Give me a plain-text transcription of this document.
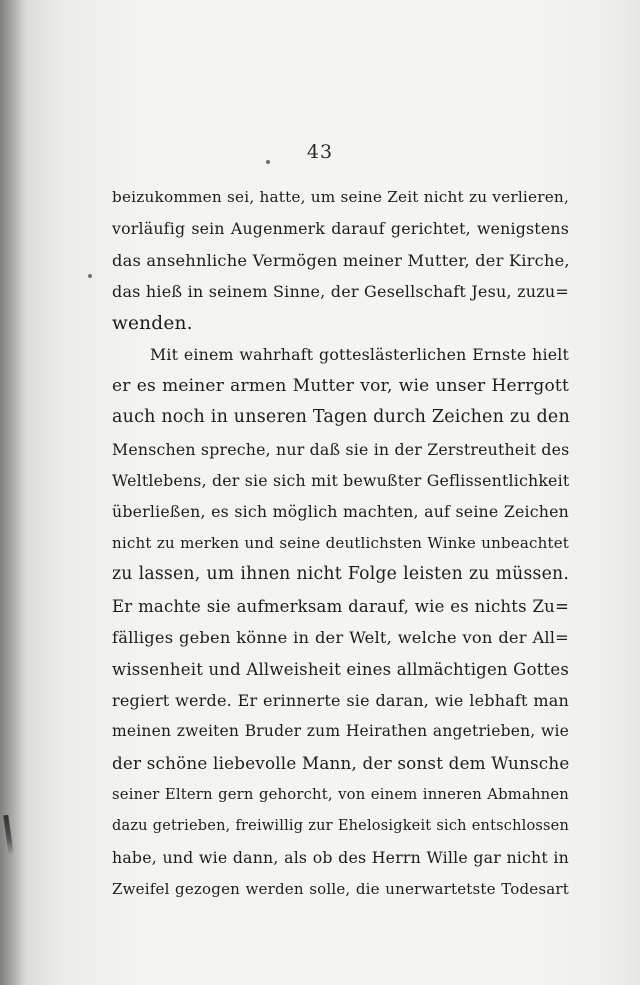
43
beizukommen sei, hatte, um seine Zeit nicht zu verlieren,
vorläufig sein Augenmerk darauf gerichtet, wenigstens
das ansehnliche Vermögen meiner Mutter, der Kirche,
das hieß in seinem Sinne, der Gesellschaft Jesu, zuzu=
wenden.
Mit einem wahrhaft gotteslästerlichen Ernste hielt
er es meiner armen Mutter vor, wie unser Herrgott
auch noch in unseren Tagen durch Zeichen zu den
Menschen spreche, nur daß sie in der Zerstreutheit des
Weltlebens, der sie sich mit bewußter Geflissentlichkeit
überließen, es sich möglich machten, auf seine Zeichen
nicht zu merken und seine deutlichsten Winke unbeachtet
zu lassen, um ihnen nicht Folge leisten zu müssen.
Er machte sie aufmerksam darauf, wie es nichts Zu=
fälliges geben könne in der Welt, welche von der All=
wissenheit und Allweisheit eines allmächtigen Gottes
regiert werde. Er erinnerte sie daran, wie lebhaft man
meinen zweiten Bruder zum Heirathen angetrieben, wie
der schöne liebevolle Mann, der sonst dem Wunsche
seiner Eltern gern gehorcht, von einem inneren Abmahnen
dazu getrieben, freiwillig zur Ehelosigkeit sich entschlossen
habe, und wie dann, als ob des Herrn Wille gar nicht in
Zweifel gezogen werden solle, die unerwartetste Todesart
